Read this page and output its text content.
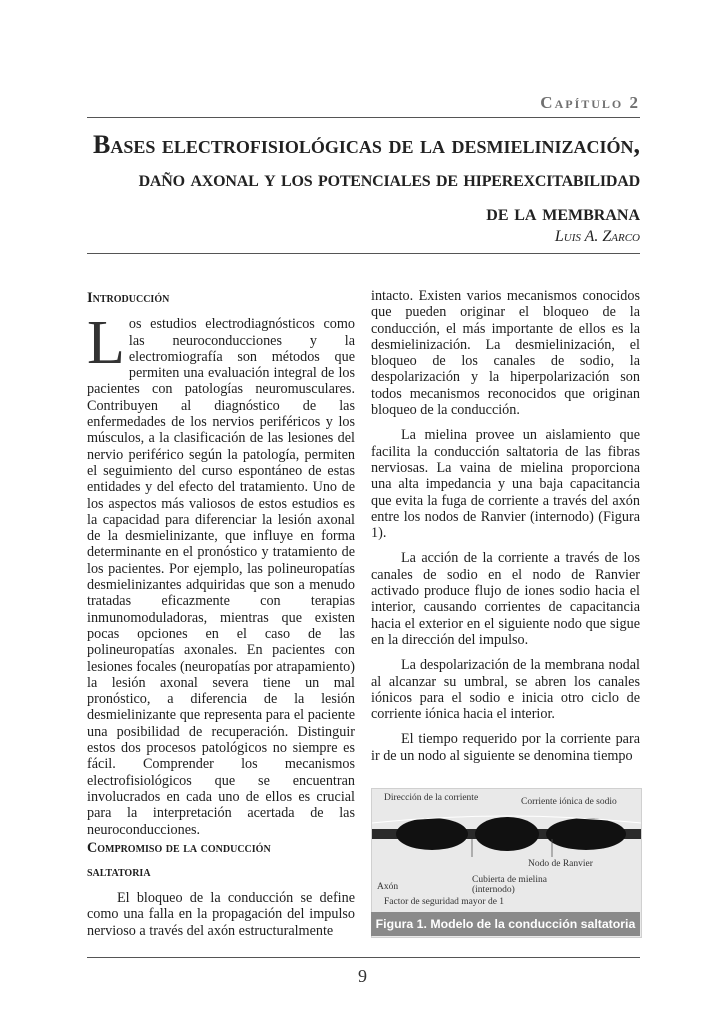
Capítulo 2
Bases electrofisiológicas de la desmielinización,
daño axonal y los potenciales de hiperexcitabilidad
de la membrana
Luis A. Zarco

Introducción

Los estudios electrodiagnósticos como las neuroconducciones y la electromiografía son métodos que permiten una evaluación integral de los pacientes con patologías neuromusculares. Contribuyen al diagnóstico de las enfermedades de los nervios periféricos y los músculos, a la clasificación de las lesiones del nervio periférico según la patología, permiten el seguimiento del curso espontáneo de estas entidades y del efecto del tratamiento. Uno de los aspectos más valiosos de estos estudios es la capacidad para diferenciar la lesión axonal de la desmielinizante, que influye en forma determinante en el pronóstico y tratamiento de los pacientes. Por ejemplo, las polineuropatías desmielinizantes adquiridas que son a menudo tratadas eficazmente con terapias inmunomoduladoras, mientras que existen pocas opciones en el caso de las polineuropatías axonales. En pacientes con lesiones focales (neuropatías por atrapamiento) la lesión axonal severa tiene un mal pronóstico, a diferencia de la lesión desmielinizante que representa para el paciente una posibilidad de recuperación. Distinguir estos dos procesos patológicos no siempre es fácil. Comprender los mecanismos electrofisiológicos que se encuentran involucrados en cada uno de ellos es crucial para la interpretación acertada de las neuroconducciones.

Compromiso de la conducción

saltatoria

El bloqueo de la conducción se define como una falla en la propagación del impulso nervioso a través del axón estructuralmente

intacto. Existen varios mecanismos conocidos que pueden originar el bloqueo de la conducción, el más importante de ellos es la desmielinización. La desmielinización, el bloqueo de los canales de sodio, la despolarización y la hiperpolarización son todos mecanismos reconocidos que originan bloqueo de la conducción.

La mielina provee un aislamiento que facilita la conducción saltatoria de las fibras nerviosas. La vaina de mielina proporciona una alta impedancia y una baja capacitancia que evita la fuga de corriente a través del axón entre los nodos de Ranvier (internodo) (Figura 1).

La acción de la corriente a través de los canales de sodio en el nodo de Ranvier activado produce flujo de iones sodio hacia el interior, causando corrientes de capacitancia hacia el exterior en el siguiente nodo que sigue en la dirección del impulso.

La despolarización de la membrana nodal al alcanzar su umbral, se abren los canales iónicos para el sodio e inicia otro ciclo de corriente iónica hacia el interior.

El tiempo requerido por la corriente para ir de un nodo al siguiente se denomina tiempo

Dirección de la corriente	Corriente iónica de sodio
Nodo de Ranvier
Axón
Cubierta de mielina
(internodo)
Factor de seguridad mayor de 1
Figura 1. Modelo de la conducción saltatoria normal.
9
